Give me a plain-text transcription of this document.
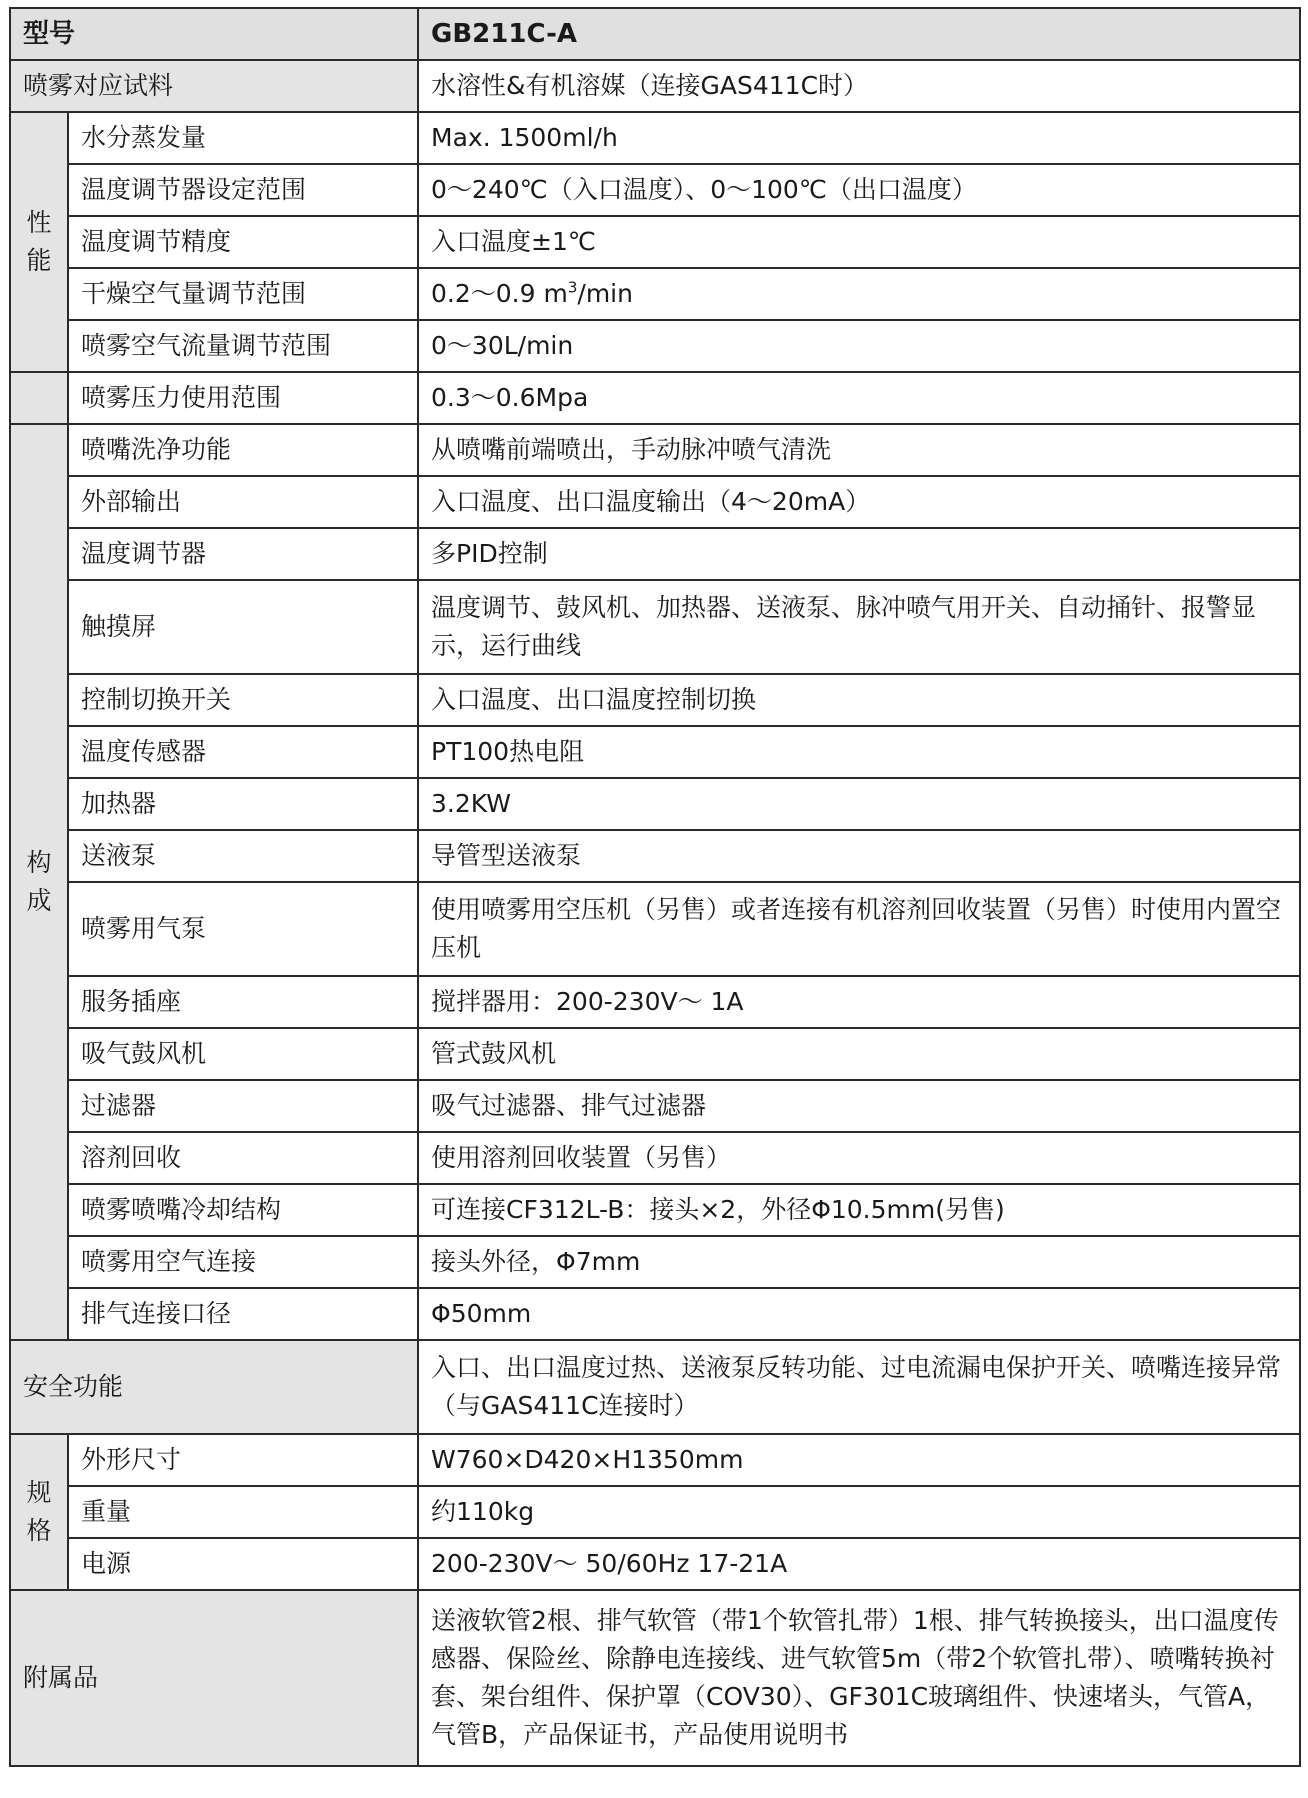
型号		GB211C-A
喷雾对应试料		水溶性&有机溶媒（连接GAS411C时）

性
能	水分蒸发量	Max. 1500ml/h
	温度调节器设定范围	0～240℃（入口温度）、0～100℃（出口温度）
	温度调节精度	入口温度±1℃
	干燥空气量调节范围	0.2～0.9 $m^3/\min$
	喷雾空气流量调节范围	0～30L/min
	喷雾压力使用范围	0.3～0.6Mpa

构
成	喷嘴洗净功能	从喷嘴前端喷出，手动脉冲喷气清洗
	外部输出	入口温度、出口温度输出（4～20mA）
	温度调节器	多PID控制
	触摸屏	温度调节、鼓风机、加热器、送液泵、脉冲喷气用开关、自动捅针、报警显示，运行曲线
	控制切换开关	入口温度、出口温度控制切换
	温度传感器	PT100热电阻
	加热器	3.2KW
	送液泵	导管型送液泵
	喷雾用气泵	使用喷雾用空压机（另售）或者连接有机溶剂回收装置（另售）时使用内置空压机
	服务插座	搅拌器用：200-230V～ 1A
	吸气鼓风机	管式鼓风机
	过滤器	吸气过滤器、排气过滤器
	溶剂回收	使用溶剂回收装置（另售）
	喷雾喷嘴冷却结构	可连接CF312L-B：接头×2，外径Φ10.5mm(另售)
	喷雾用空气连接	接头外径，Φ7mm
	排气连接口径	Φ50mm
安全功能		入口、出口温度过热、送液泵反转功能、过电流漏电保护开关、喷嘴连接异常（与GAS411C连接时）

规
格	外形尺寸	W760×D420×H1350mm
	重量	约110kg
	电源	200-230V～ 50/60Hz 17-21A
附属品		送液软管2根、排气软管（带1个软管扎带）1根、排气转换接头，出口温度传感器、保险丝、除静电连接线、进气软管5m（带2个软管扎带）、喷嘴转换衬套、架台组件、保护罩（COV30）、GF301C玻璃组件、快速堵头，气管A，气管B，产品保证书，产品使用说明书
